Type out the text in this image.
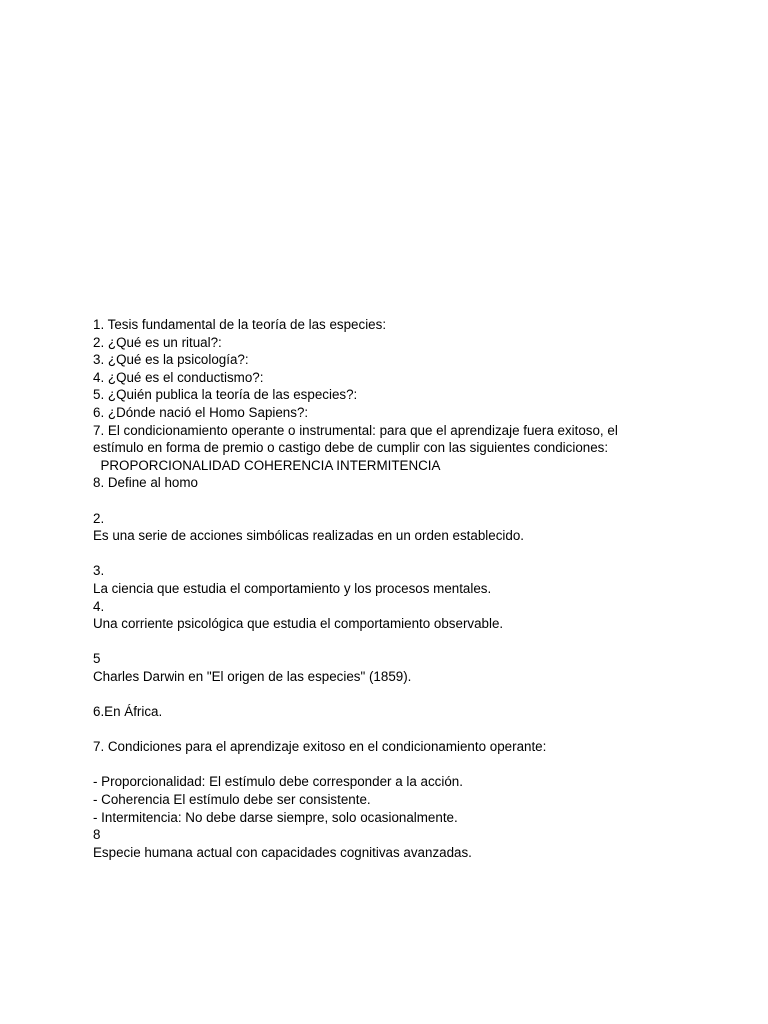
1. Tesis fundamental de la teoría de las especies:
2. ¿Qué es un ritual?:
3. ¿Qué es la psicología?:
4. ¿Qué es el conductismo?:
5. ¿Quién publica la teoría de las especies?:
6. ¿Dónde nació el Homo Sapiens?:
7. El condicionamiento operante o instrumental: para que el aprendizaje fuera exitoso, el
estímulo en forma de premio o castigo debe de cumplir con las siguientes condiciones:
PROPORCIONALIDAD COHERENCIA INTERMITENCIA
8. Define al homo
2.
Es una serie de acciones simbólicas realizadas en un orden establecido.
3.
La ciencia que estudia el comportamiento y los procesos mentales.
4.
Una corriente psicológica que estudia el comportamiento observable.
5
Charles Darwin en "El origen de las especies" (1859).
6.En África.
7. Condiciones para el aprendizaje exitoso en el condicionamiento operante:
- Proporcionalidad: El estímulo debe corresponder a la acción.
- Coherencia El estímulo debe ser consistente.
- Intermitencia: No debe darse siempre, solo ocasionalmente.
8
Especie humana actual con capacidades cognitivas avanzadas.
